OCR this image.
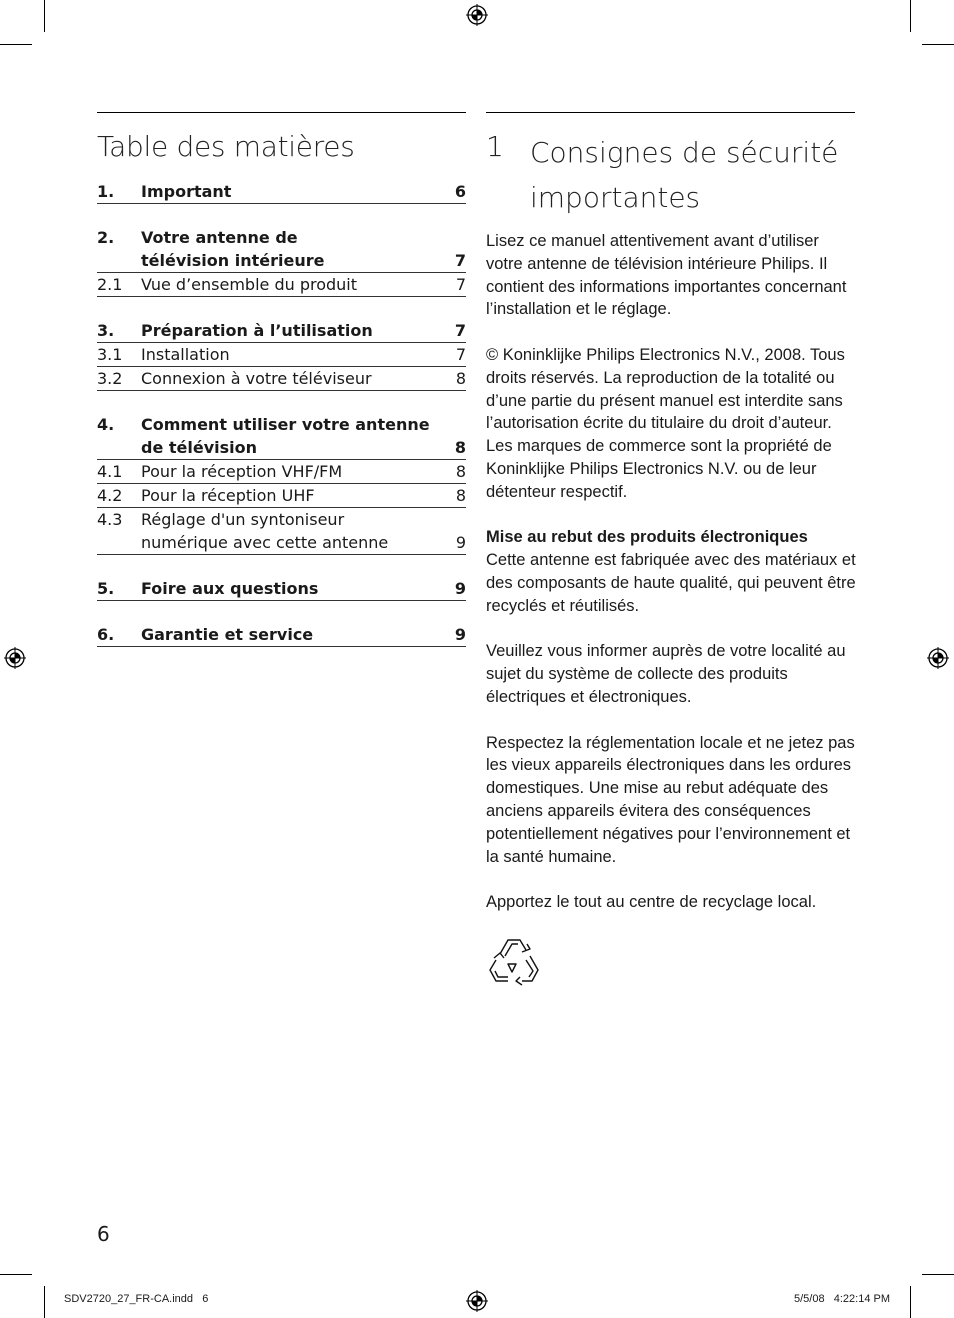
Table des matières
1. Important	6
2. Votre antenne de télévision intérieure	7
2.1 Vue d’ensemble du produit	7
3. Préparation à l’utilisation	7
3.1 Installation	7
3.2 Connexion à votre téléviseur	8
4. Comment utiliser votre antenne de télévision	8
4.1 Pour la réception VHF/FM	8
4.2 Pour la réception UHF	8
4.3 Réglage d'un syntoniseur numérique avec cette antenne	9
5. Foire aux questions	9
6. Garantie et service	9
1 Consignes de sécurité importantes

Lisez ce manuel attentivement avant d’utiliser votre antenne de télévision intérieure Philips. Il contient des informations importantes concernant l’installation et le réglage.

© Koninklijke Philips Electronics N.V., 2008. Tous droits réservés. La reproduction de la totalité ou d’une partie du présent manuel est interdite sans l’autorisation écrite du titulaire du droit d’auteur. Les marques de commerce sont la propriété de Koninklijke Philips Electronics N.V. ou de leur détenteur respectif.

Mise au rebut des produits électroniques
Cette antenne est fabriquée avec des matériaux et des composants de haute qualité, qui peuvent être recyclés et réutilisés.

Veuillez vous informer auprès de votre localité au sujet du système de collecte des produits électriques et électroniques.

Respectez la réglementation locale et ne jetez pas les vieux appareils électroniques dans les ordures domestiques. Une mise au rebut adéquate des anciens appareils évitera des conséquences potentiellement négatives pour l’environnement et la santé humaine.

Apportez le tout au centre de recyclage local.

6
SDV2720_27_FR-CA.indd   6	5/5/08   4:22:14 PM
